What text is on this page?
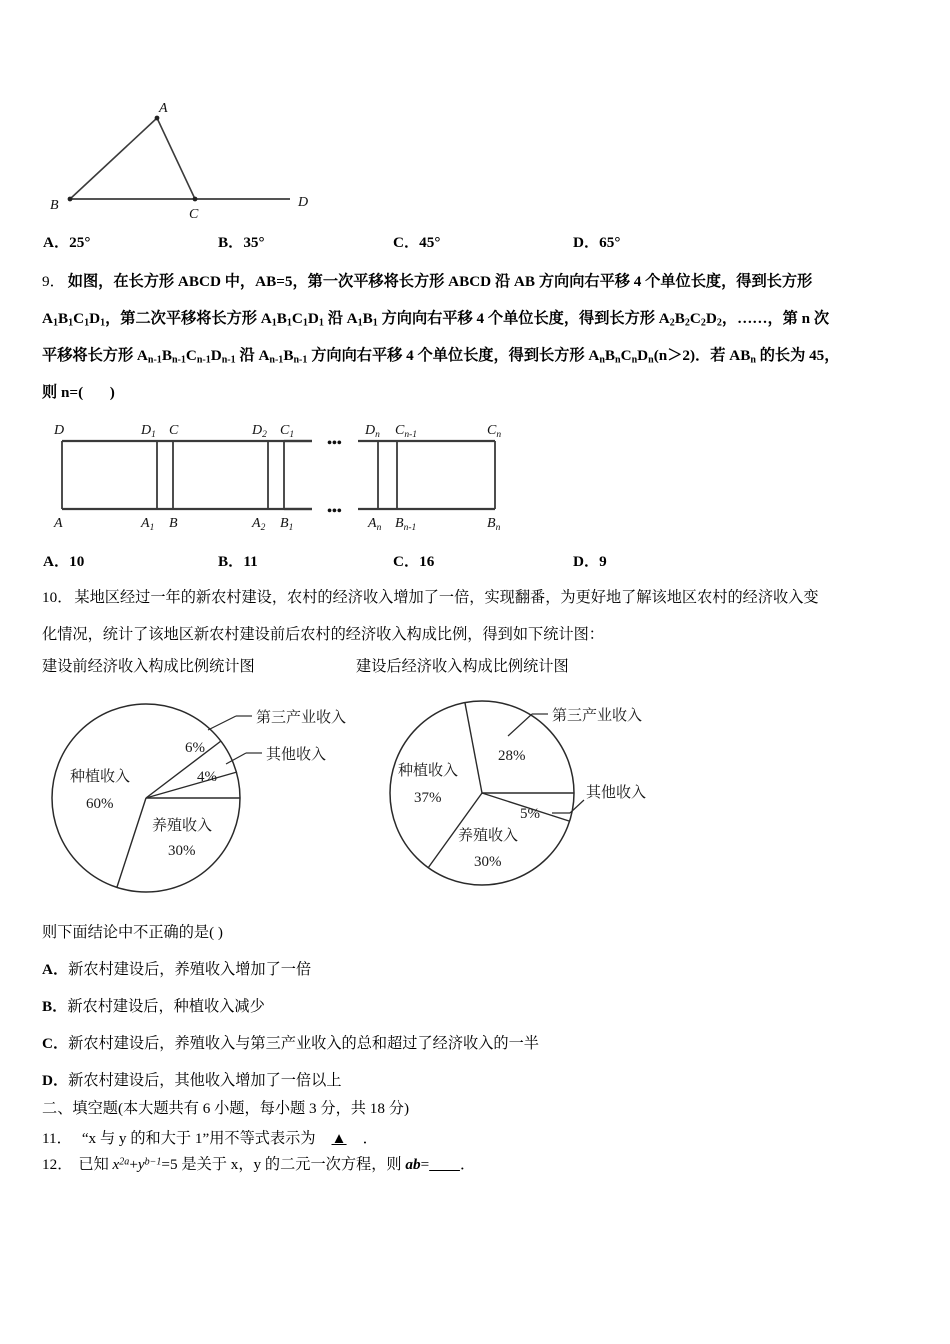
A
B
C
D
A．25°	B．35°	C．45°	D．65°
9． 如图，在长方形 ABCD 中，AB=5，第一次平移将长方形 ABCD 沿 AB 方向向右平移 4 个单位长度，得到长方形
$A_1B_1C_1D_1$，第二次平移将长方形 $A_1B_1C_1D_1$ 沿 $A_1B_1$ 方向向右平移 4 个单位长度，得到长方形 $A_2B_2C_2D_2$，……，第 n 次
平移将长方形 $A_{n-1}B_{n-1}C_{n-1}D_{n-1}$ 沿 $A_{n-1}B_{n-1}$ 方向向右平移 4 个单位长度，得到长方形 $A_nB_nC_nD_n(n>2)$．若 $AB_n$ 的长为 45，
则 n=(       )
•••
•••
D	$D_1$ C	$D_2$ $C_1$	$D_n$ $C_{n-1}$	$C_n$
A	$A_1$ B	$A_2$ $B_1$	$A_n$ $B_{n-1}$	$B_n$
A．10	B．11	C．16	D．9
10． 某地区经过一年的新农村建设，农村的经济收入增加了一倍，实现翻番，为更好地了解该地区农村的经济收入变
化情况，统计了该地区新农村建设前后农村的经济收入构成比例，得到如下统计图：
建设前经济收入构成比例统计图	建设后经济收入构成比例统计图
种植收入
60%
养殖收入
30%
6%
4%
第三产业收入
其他收入
种植收入
37%
养殖收入
30%
28%
5%
第三产业收入
其他收入
则下面结论中不正确的是( )
A．新农村建设后，养殖收入增加了一倍
B．新农村建设后，种植收入减少
C．新农村建设后，养殖收入与第三产业收入的总和超过了经济收入的一半
D．新农村建设后，其他收入增加了一倍以上
二、填空题(本大题共有 6 小题，每小题 3 分，共 18 分)
11． “x 与 y 的和大于 1”用不等式表示为 ▲ ．
12． 已知 $x^{2a}+y^{b-1}=5$ 是关于 x，y 的二元一次方程，则 ab= ．
